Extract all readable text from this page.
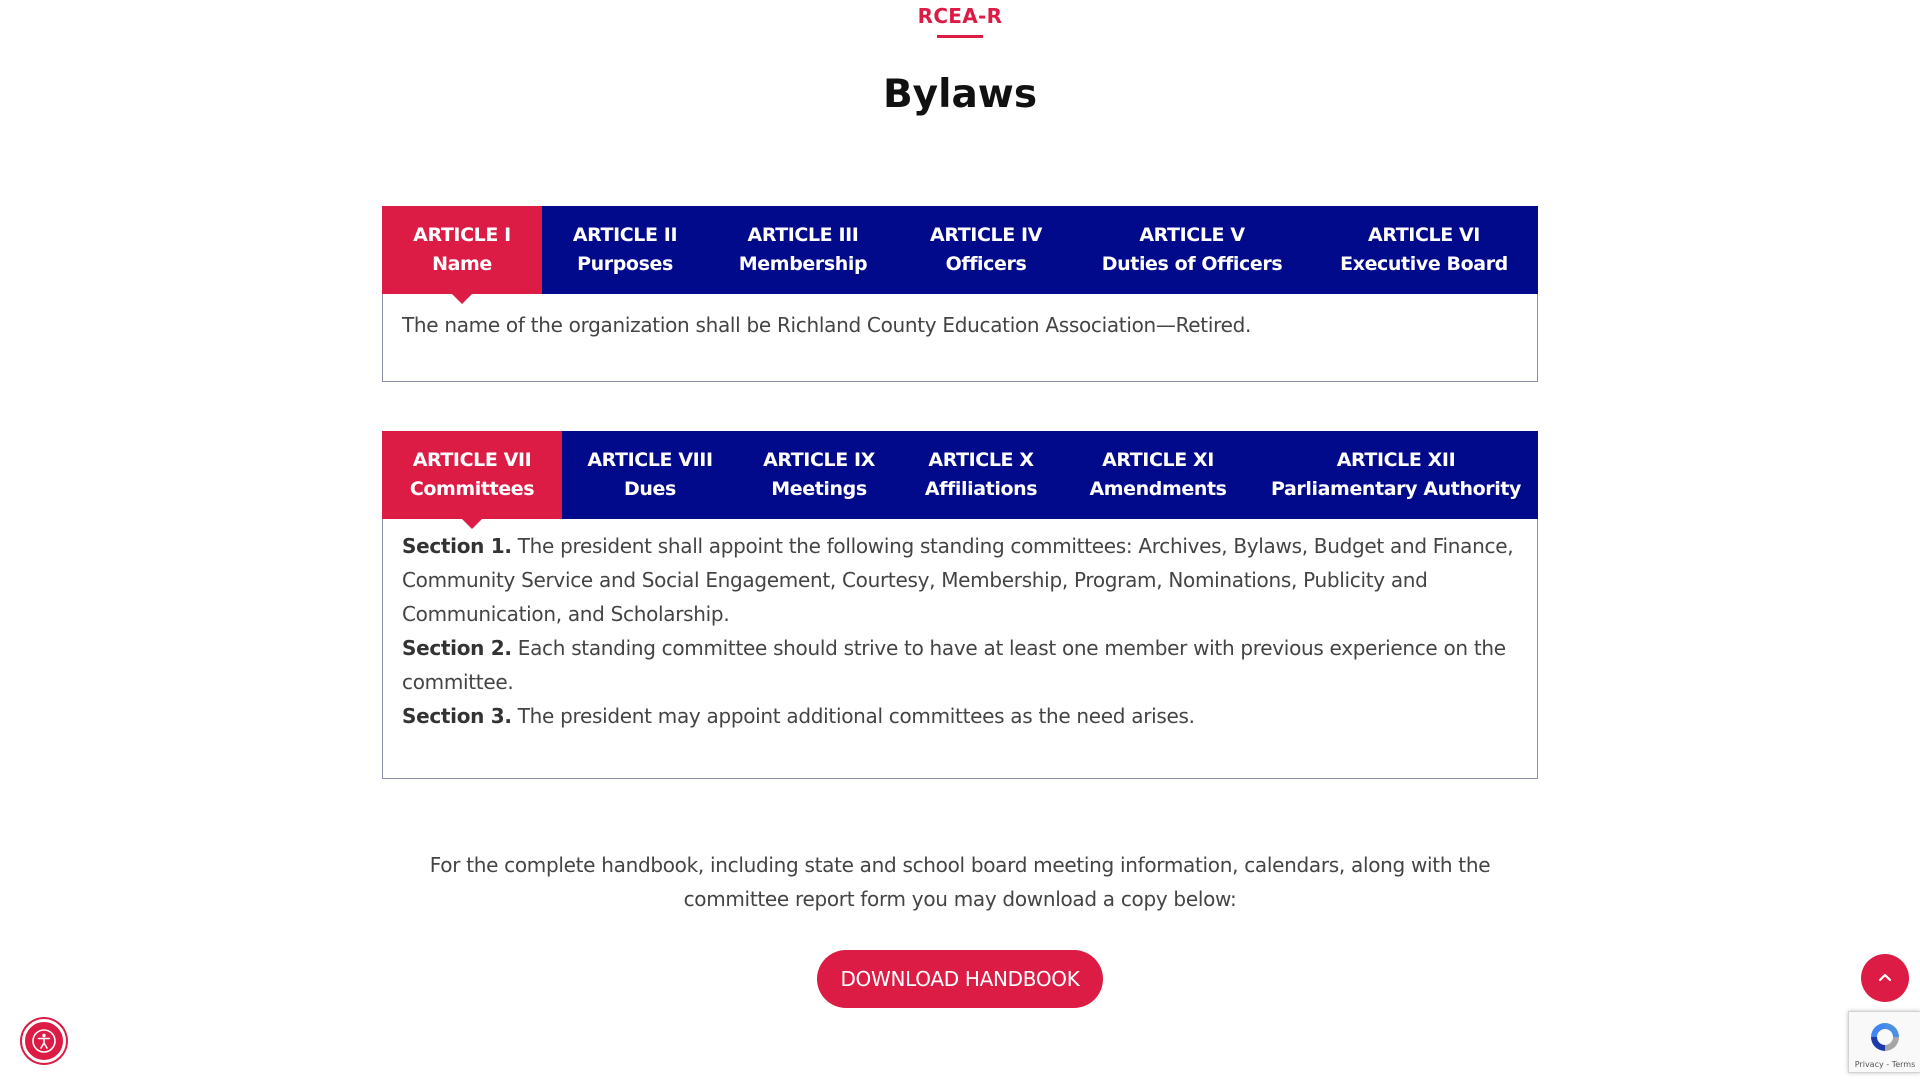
RCEA-R
Bylaws
ARTICLE I
Name
ARTICLE II
Purposes
ARTICLE III
Membership
ARTICLE IV
Officers
ARTICLE V
Duties of Officers
ARTICLE VI
Executive Board

The name of the organization shall be Richland County Education Association—Retired.

ARTICLE VII
Committees
ARTICLE VIII
Dues
ARTICLE IX
Meetings
ARTICLE X
Affiliations
ARTICLE XI
Amendments
ARTICLE XII
Parliamentary Authority

Section 1. The president shall appoint the following standing committees: Archives, Bylaws, Budget and Finance, Community Service and Social Engagement, Courtesy, Membership, Program, Nominations, Publicity and Communication, and Scholarship.

Section 2. Each standing committee should strive to have at least one member with previous experience on the committee.

Section 3. The president may appoint additional committees as the need arises.

For the complete handbook, including state and school board meeting information, calendars, along with the committee report form you may download a copy below:

DOWNLOAD HANDBOOK
Privacy - Terms
